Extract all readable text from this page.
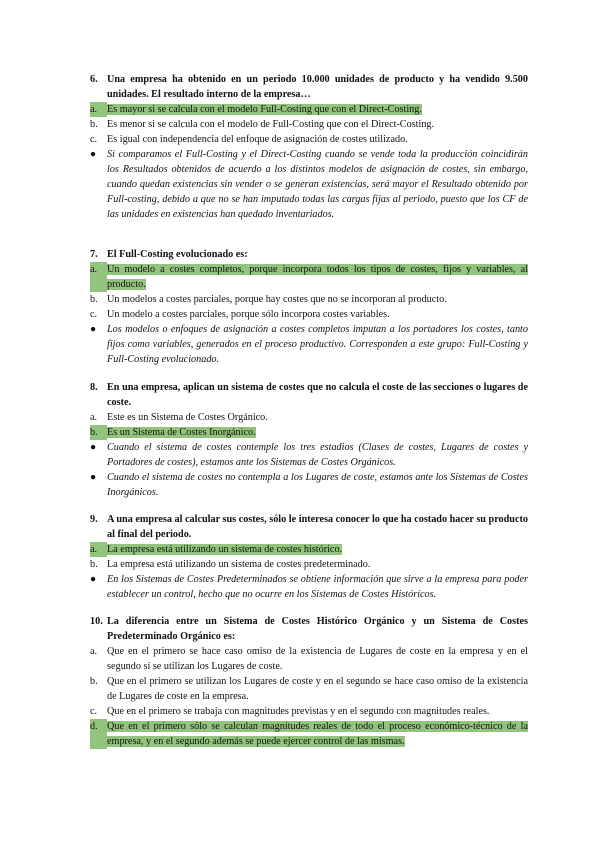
6. Una empresa ha obtenido en un periodo 10.000 unidades de producto y ha vendido 9.500 unidades. El resultado interno de la empresa…
a. Es mayor si se calcula con el modelo Full-Costing que con el Direct-Costing.
b. Es menor si se calcula con el modelo de Full-Costing que con el Direct-Costing.
c. Es igual con independencia del enfoque de asignación de costes utilizado.
●	Si comparamos el Full-Costing y el Direct-Costing cuando se vende toda la producción coincidirán los Resultados obtenidos de acuerdo a los distintos modelos de asignación de costes, sin embargo, cuando quedan existencias sin vender o se generan existencias, será mayor el Resultado obtenido por Full-costing, debido a que no se han imputado todas las cargas fijas al periodo, puesto que los CF de las unidades en existencias han quedado inventariados.
7. El Full-Costing evolucionado es:
a. Un modelo a costes completos, porque incorpora todos los tipos de costes, fijos y variables, al producto.
b. Un modelos a costes parciales, porque hay costes que no se incorporan al producto.
c. Un modelo a costes parciales, porque sólo incorpora costes variables.
●	Los modelos o enfoques de asignación a costes completos imputan a los portadores los costes, tanto fijos como variables, generados en el proceso productivo. Corresponden a este grupo: Full-Costing y Full-Costing evolucionado.
8. En una empresa, aplican un sistema de costes que no calcula el coste de las secciones o lugares de coste.
a. Este es un Sistema de Costes Orgánico.
b. Es un Sistema de Costes Inorgánico.
●	Cuando el sistema de costes contemple los tres estadios (Clases de costes, Lugares de costes y Portadores de costes), estamos ante los Sistemas de Costes Orgánicos.
●	Cuando el sistema de costes no contempla a los Lugares de coste, estamos ante los Sistemas de Costes Inorgánicos.
9. A una empresa al calcular sus costes, sólo le interesa conocer lo que ha costado hacer su producto al final del periodo.
a. La empresa está utilizando un sistema de costes histórico.
b. La empresa está utilizando un sistema de costes predeterminado.
●	En los Sistemas de Costes Predeterminados se obtiene información que sirve a la empresa para poder establecer un control, hecho que no ocurre en los Sistemas de Costes Históricos.
10. La diferencia entre un Sistema de Costes Histórico Orgánico y un Sistema de Costes Predeterminado Orgánico es:
a. Que en el primero se hace caso omiso de la existencia de Lugares de coste en la empresa y en el segundo sí se utilizan los Lugares de coste.
b. Que en el primero se utilizan los Lugares de coste y en el segundo se hace caso omiso de la existencia de Lugares de coste en la empresa.
c. Que en el primero se trabaja con magnitudes previstas y en el segundo con magnitudes reales.
d. Que en el primero sólo se calculan magnitudes reales de todo el proceso económico-técnico de la empresa, y en el segundo además se puede ejercer control de las mismas.
